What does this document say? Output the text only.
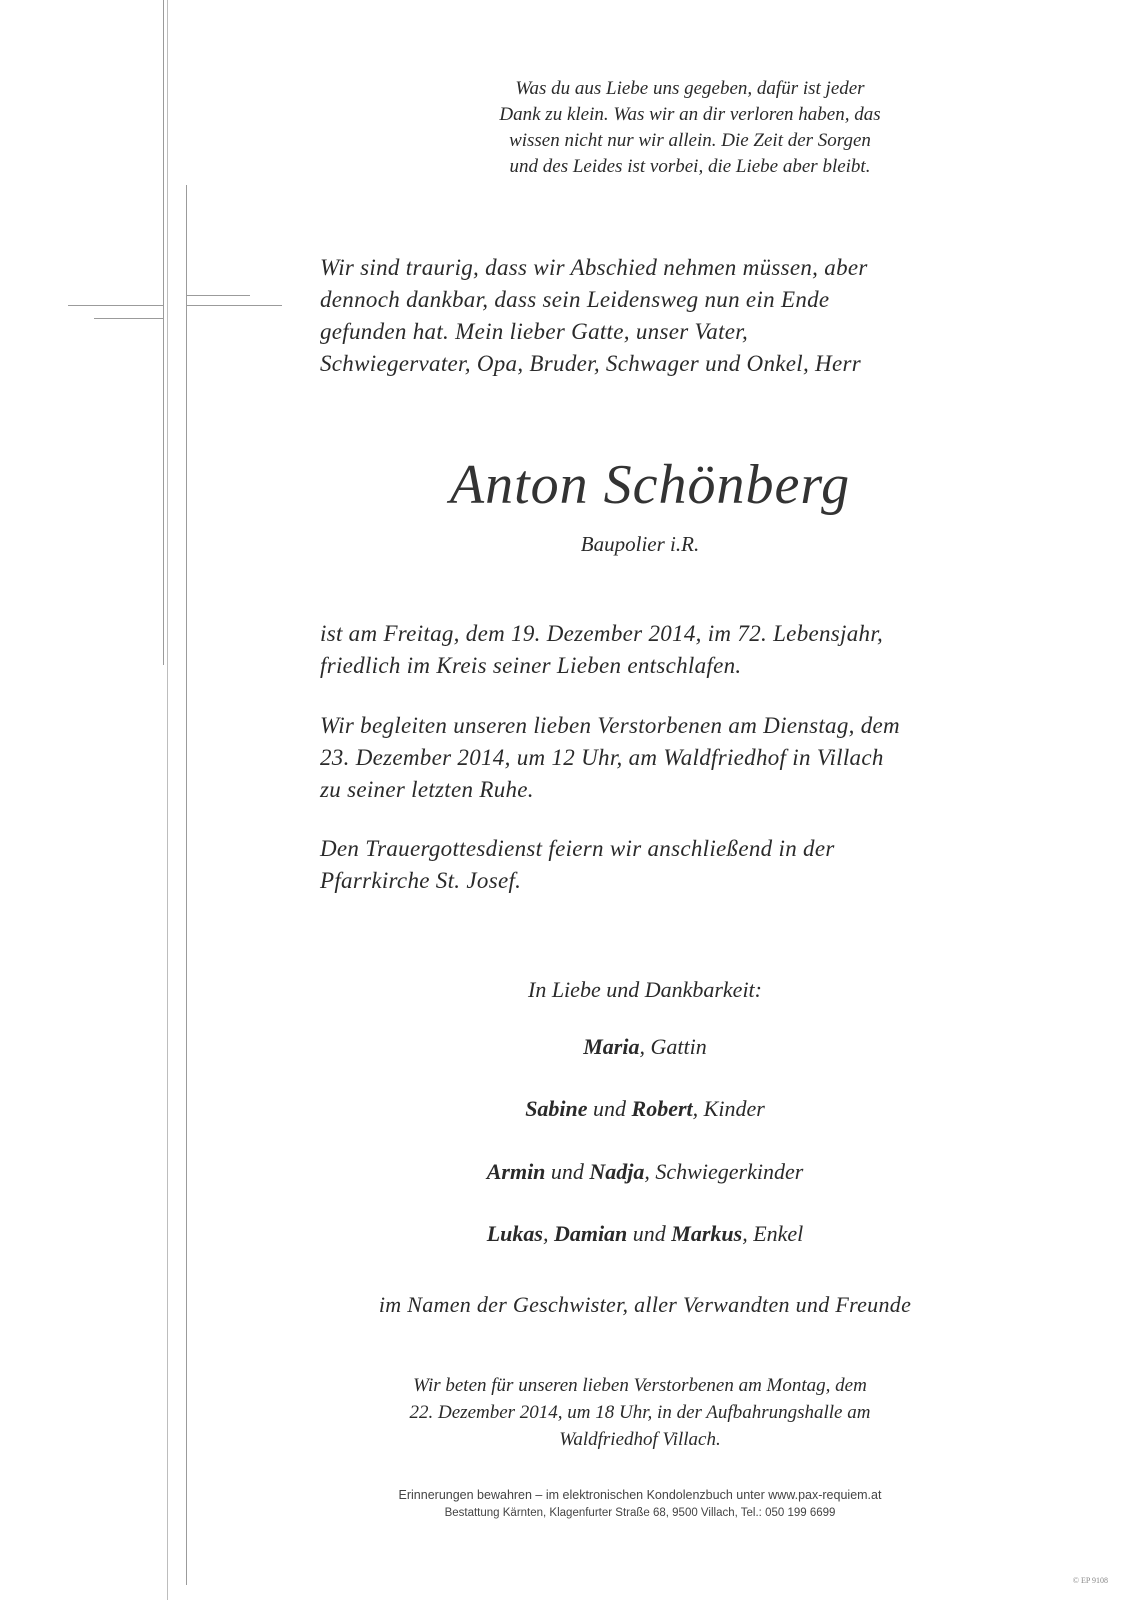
Was du aus Liebe uns gegeben, dafür ist jeder
Dank zu klein. Was wir an dir verloren haben, das
wissen nicht nur wir allein. Die Zeit der Sorgen
und des Leides ist vorbei, die Liebe aber bleibt.
Wir sind traurig, dass wir Abschied nehmen müssen, aber
dennoch dankbar, dass sein Leidensweg nun ein Ende
gefunden hat. Mein lieber Gatte, unser Vater,
Schwiegervater, Opa, Bruder, Schwager und Onkel, Herr
Anton Schönberg
Baupolier i.R.
ist am Freitag, dem 19. Dezember 2014, im 72. Lebensjahr,
friedlich im Kreis seiner Lieben entschlafen.
Wir begleiten unseren lieben Verstorbenen am Dienstag, dem
23. Dezember 2014, um 12 Uhr, am Waldfriedhof in Villach
zu seiner letzten Ruhe.
Den Trauergottesdienst feiern wir anschließend in der
Pfarrkirche St. Josef.
In Liebe und Dankbarkeit:
Maria, Gattin
Sabine und Robert, Kinder
Armin und Nadja, Schwiegerkinder
Lukas, Damian und Markus, Enkel
im Namen der Geschwister, aller Verwandten und Freunde
Wir beten für unseren lieben Verstorbenen am Montag, dem
22. Dezember 2014, um 18 Uhr, in der Aufbahrungshalle am
Waldfriedhof Villach.
Erinnerungen bewahren – im elektronischen Kondolenzbuch unter www.pax-requiem.at
Bestattung Kärnten, Klagenfurter Straße 68, 9500 Villach, Tel.: 050 199 6699
© EP 9108
